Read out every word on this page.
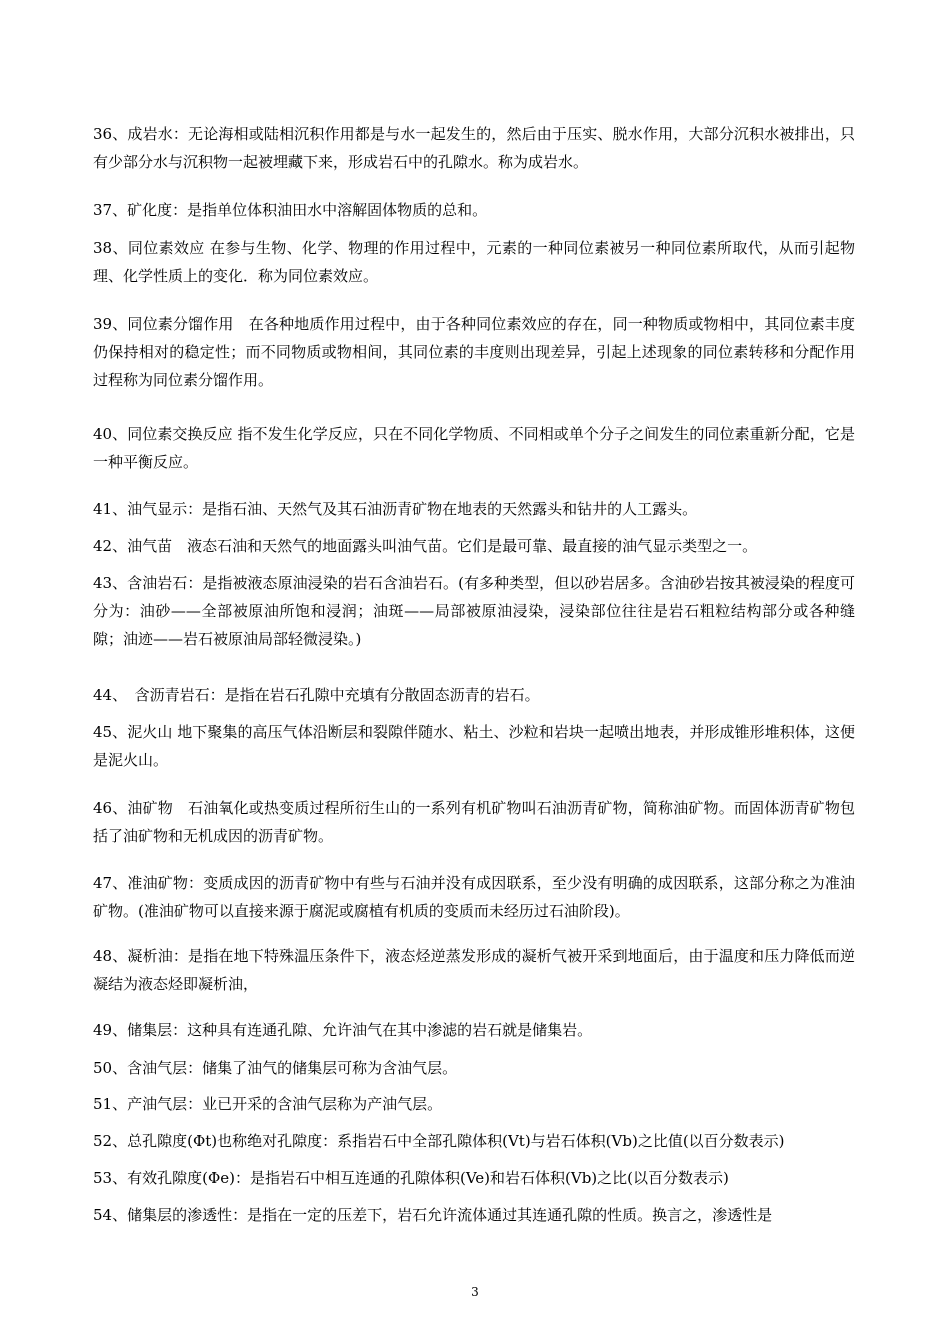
36、成岩水：无论海相或陆相沉积作用都是与水一起发生的，然后由于压实、脱水作用，大部分沉积水被排出，只有少部分水与沉积物一起被埋藏下来，形成岩石中的孔隙水。称为成岩水。
37、矿化度：是指单位体积油田水中溶解固体物质的总和。
38、同位素效应 在参与生物、化学、物理的作用过程中，元素的一种同位素被另一种同位素所取代，从而引起物理、化学性质上的变化．称为同位素效应。
39、同位素分馏作用　在各种地质作用过程中，由于各种同位素效应的存在，同一种物质或物相中，其同位素丰度仍保持相对的稳定性；而不同物质或物相间，其同位素的丰度则出现差异，引起上述现象的同位素转移和分配作用过程称为同位素分馏作用。
40、同位素交换反应 指不发生化学反应，只在不同化学物质、不同相或单个分子之间发生的同位素重新分配，它是一种平衡反应。
41、油气显示：是指石油、天然气及其石油沥青矿物在地表的天然露头和钻井的人工露头。
42、油气苗　液态石油和天然气的地面露头叫油气苗。它们是最可靠、最直接的油气显示类型之一。
43、含油岩石：是指被液态原油浸染的岩石含油岩石。(有多种类型，但以砂岩居多。含油砂岩按其被浸染的程度可分为：油砂——全部被原油所饱和浸润；油斑——局部被原油浸染，浸染部位往往是岩石粗粒结构部分或各种缝隙；油迹——岩石被原油局部轻微浸染。)
44、　含沥青岩石：是指在岩石孔隙中充填有分散固态沥青的岩石。
45、泥火山 地下聚集的高压气体沿断层和裂隙伴随水、粘土、沙粒和岩块一起喷出地表，并形成锥形堆积体，这便是泥火山。
46、油矿物　石油氧化或热变质过程所衍生山的一系列有机矿物叫石油沥青矿物，简称油矿物。而固体沥青矿物包括了油矿物和无机成因的沥青矿物。
47、准油矿物：变质成因的沥青矿物中有些与石油并没有成因联系，至少没有明确的成因联系，这部分称之为准油矿物。(准油矿物可以直接来源于腐泥或腐植有机质的变质而未经历过石油阶段)。
48、凝析油：是指在地下特殊温压条件下，液态烃逆蒸发形成的凝析气被开采到地面后，由于温度和压力降低而逆凝结为液态烃即凝析油，
49、储集层：这种具有连通孔隙、允许油气在其中渗滤的岩石就是储集岩。
50、含油气层：储集了油气的储集层可称为含油气层。
51、产油气层：业已开采的含油气层称为产油气层。
52、总孔隙度(Φt)也称绝对孔隙度：系指岩石中全部孔隙体积(Vt)与岩石体积(Vb)之比值(以百分数表示)
53、有效孔隙度(Φe)：是指岩石中相互连通的孔隙体积(Ve)和岩石体积(Vb)之比(以百分数表示)
54、储集层的渗透性：是指在一定的压差下，岩石允许流体通过其连通孔隙的性质。换言之，渗透性是
3
